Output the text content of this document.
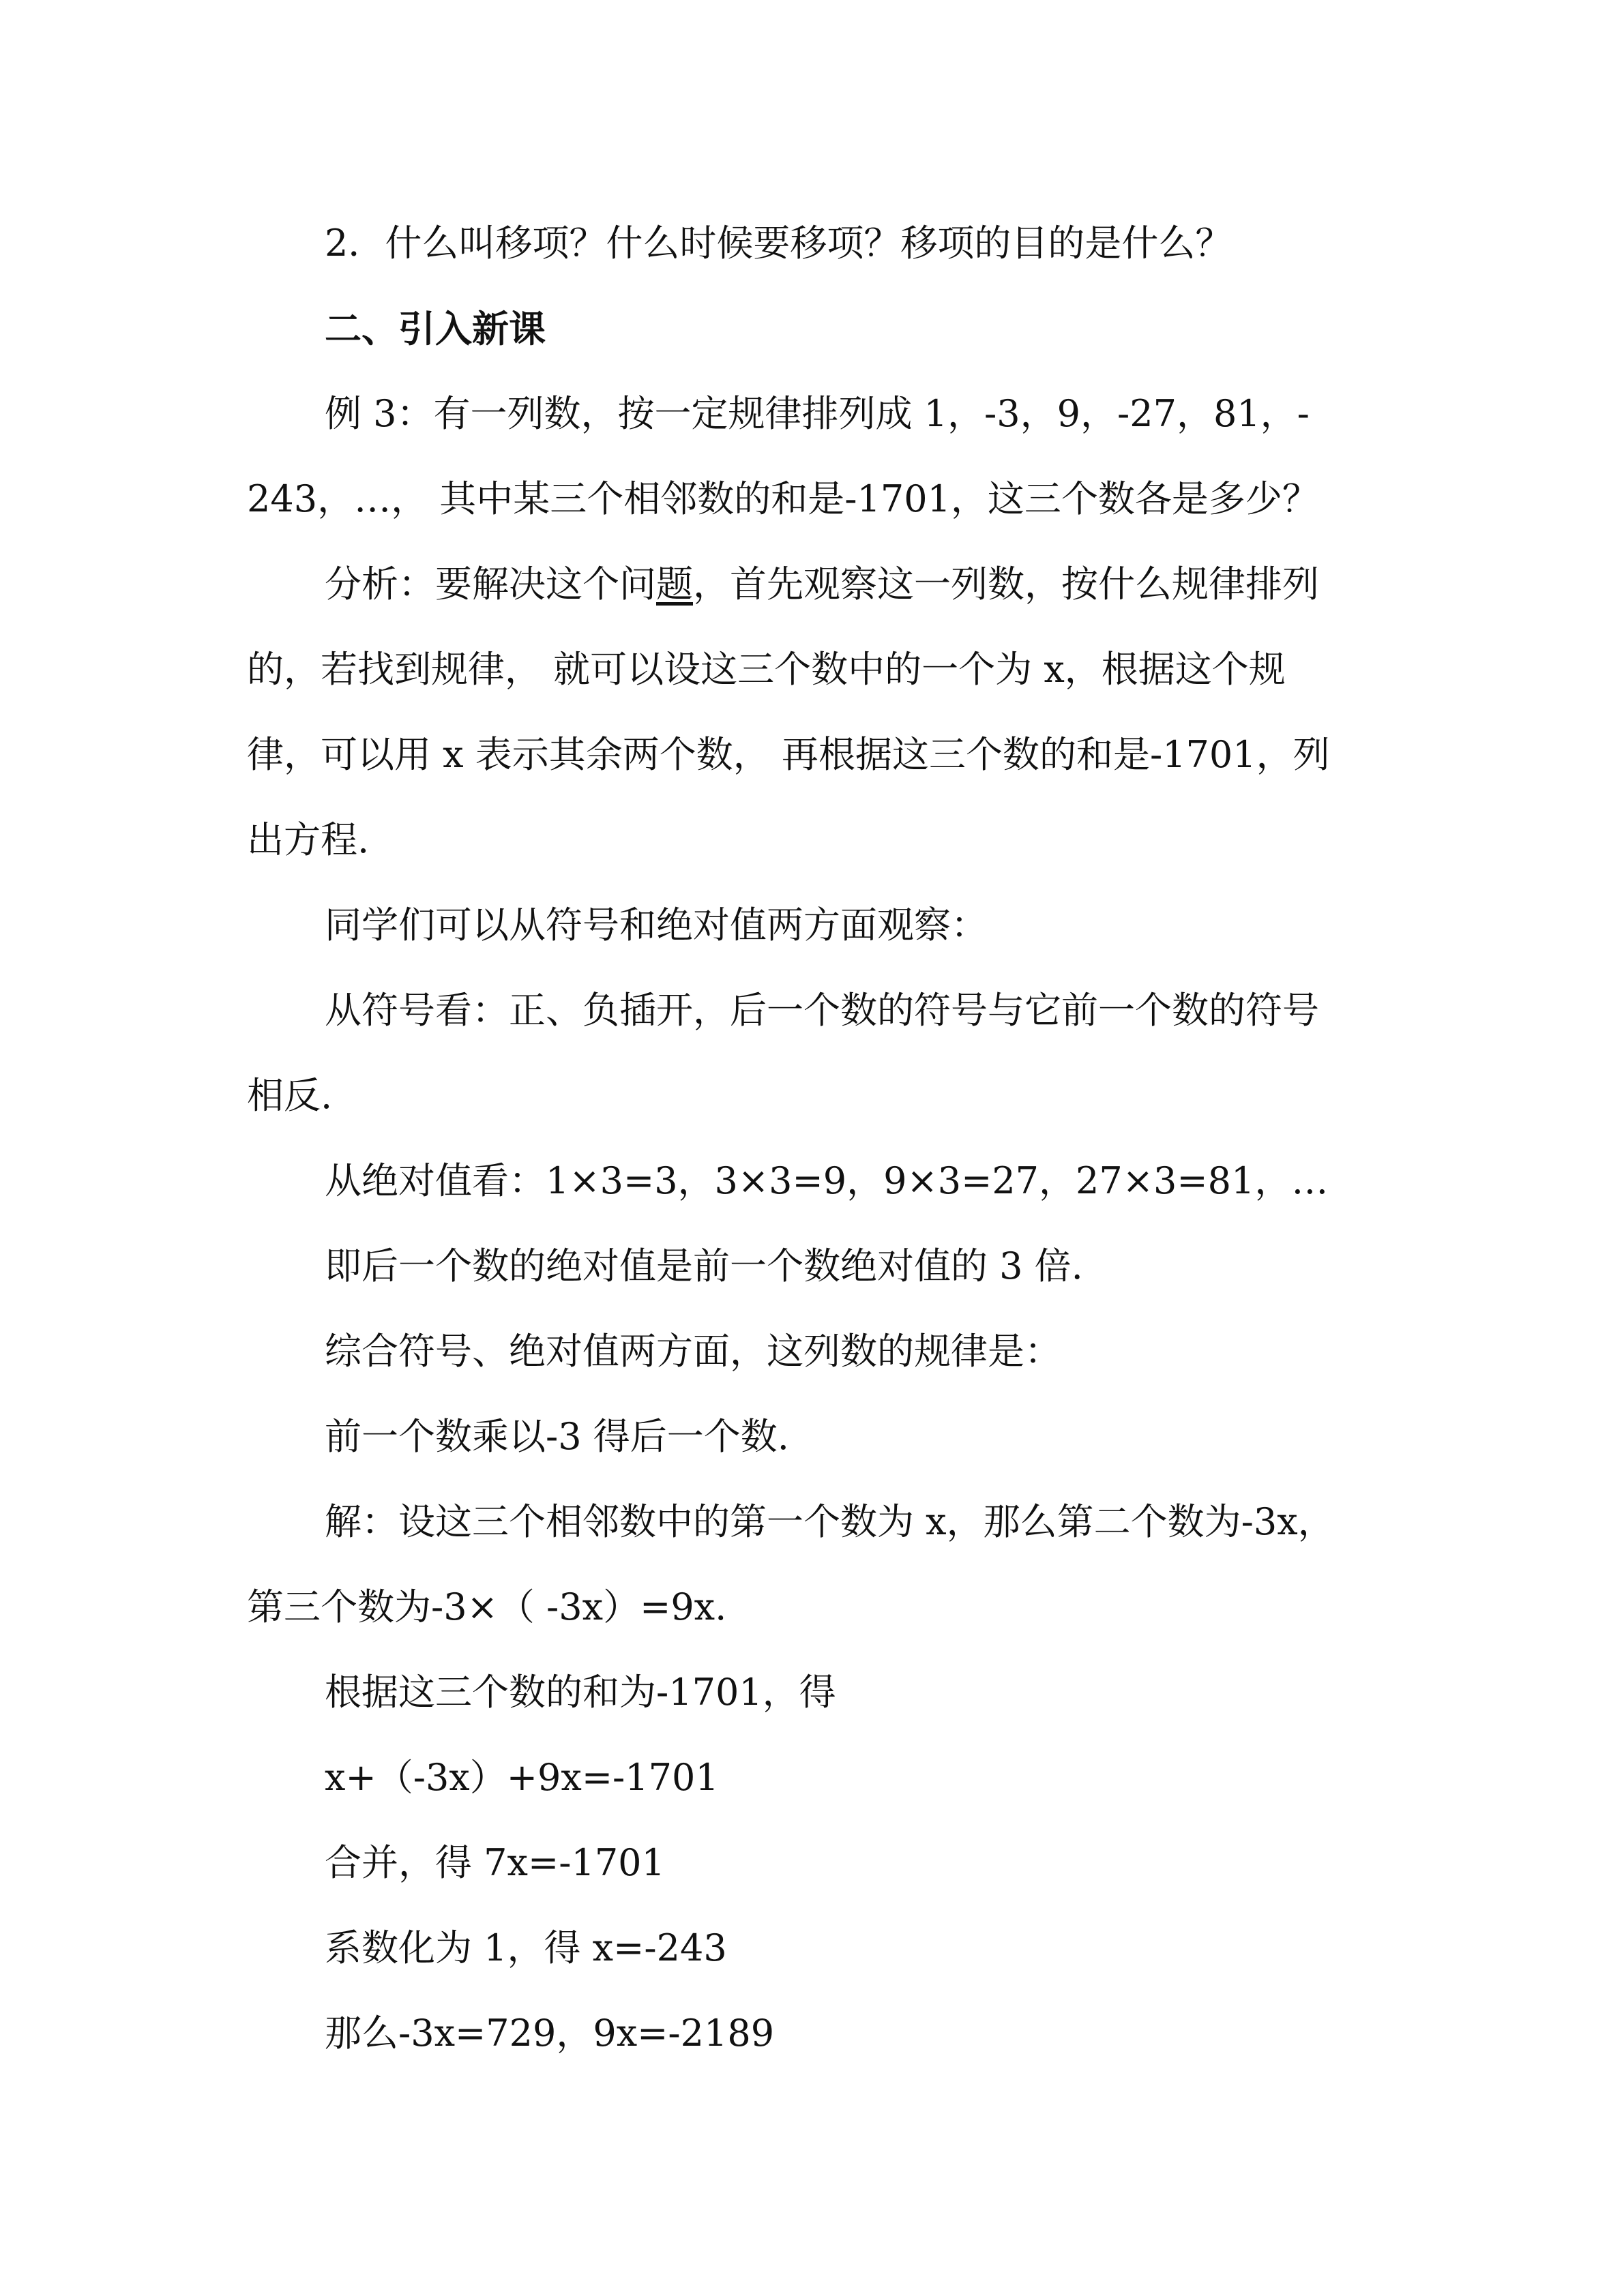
2．什么叫移项？什么时候要移项？移项的目的是什么？
二、引入新课
例 3：有一列数，按一定规律排列成 1，-3，9，-27，81，-
243，…， 其中某三个相邻数的和是-1701，这三个数各是多少？
分析：要解决这个问题，首先观察这一列数，按什么规律排列
的，若找到规律， 就可以设这三个数中的一个为 x，根据这个规
律，可以用 x 表示其余两个数， 再根据这三个数的和是-1701，列
出方程.
同学们可以从符号和绝对值两方面观察：
从符号看：正、负插开，后一个数的符号与它前一个数的符号
相反.
从绝对值看：1×3=3，3×3=9，9×3=27，27×3=81，…
即后一个数的绝对值是前一个数绝对值的 3 倍.
综合符号、绝对值两方面，这列数的规律是：
前一个数乘以-3 得后一个数.
解：设这三个相邻数中的第一个数为 x，那么第二个数为-3x，
第三个数为-3×（ -3x）=9x.
根据这三个数的和为-1701，得
x+（-3x）+9x=-1701
合并，得 7x=-1701
系数化为 1，得 x=-243
那么-3x=729，9x=-2189
